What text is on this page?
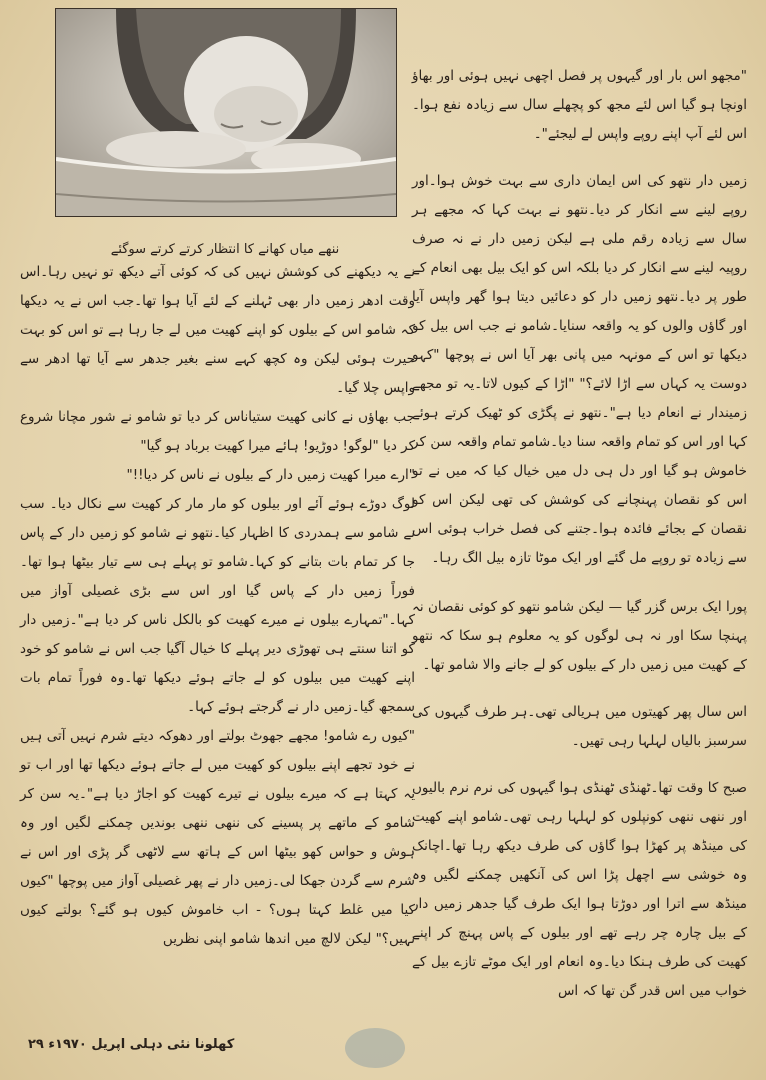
ننھے میاں کھانے کا انتظار کرتے کرتے سوگئے

نے یہ دیکھنے کی کوشش نہیں کی کہ کوئی آتے دیکھ تو نہیں رہا۔اس وقت ادھر زمیں دار بھی ٹہلنے کے لئے آیا ہوا تھا۔جب اس نے یہ دیکھا کہ شامو اس کے بیلوں کو اپنے کھیت میں لے جا رہا ہے تو اس کو بہت حیرت ہوئی لیکن وہ کچھ کہے سنے بغیر جدھر سے آیا تھا ادھر سے واپس چلا گیا۔

جب بھاؤں نے کانی کھیت ستیاناس کر دیا تو شامو نے شور مچانا شروع کر دیا "لوگو! دوڑیو! ہائے میرا کھیت برباد ہو گیا"

"ارے میرا کھیت زمیں دار کے بیلوں نے ناس کر دیا!!"

لوگ دوڑے ہوئے آئے اور بیلوں کو مار مار کر کھیت سے نکال دیا۔ سب نے شامو سے ہمدردی کا اظہار کیا۔نتھو نے شامو کو زمیں دار کے پاس جا کر تمام بات بتانے کو کہا۔شامو تو پہلے ہی سے تیار بیٹھا ہوا تھا۔فوراً زمیں دار کے پاس گیا اور اس سے بڑی غصیلی آواز میں کہا۔"تمہارے بیلوں نے میرے کھیت کو بالکل ناس کر دیا ہے"۔زمیں دار کو اتنا سنتے ہی تھوڑی دیر پہلے کا خیال آگیا جب اس نے شامو کو خود اپنے کھیت میں بیلوں کو لے جاتے ہوئے دیکھا تھا۔وہ فوراً تمام بات سمجھ گیا۔زمیں دار نے گرجتے ہوئے کہا۔

"کیوں رے شامو! مجھے جھوٹ بولتے اور دھوکہ دیتے شرم نہیں آتی ہیں نے خود تجھے اپنے بیلوں کو کھیت میں لے جاتے ہوئے دیکھا تھا اور اب تو یہ کہتا ہے کہ میرے بیلوں نے تیرے کھیت کو اجاڑ دیا ہے"۔یہ سن کر شامو کے ماتھے پر پسینے کی ننھی ننھی بوندیں چمکنے لگیں اور وہ ہوش و حواس کھو بیٹھا اس کے ہاتھ سے لاٹھی گر پڑی اور اس نے شرم سے گردن جھکا لی۔زمیں دار نے پھر غصیلی آواز میں پوچھا "کیوں کیا میں غلط کہتا ہوں؟ - اب خاموش کیوں ہو گئے؟ بولتے کیوں نہیں؟" لیکن لالچ میں اندھا شامو اپنی نظریں

"مجھو اس بار اور گیہوں پر فصل اچھی نہیں ہوئی اور بھاؤ اونچا ہو گیا اس لئے مجھ کو پچھلے سال سے زیادہ نفع ہوا۔اس لئے آپ اپنے روپے واپس لے لیجئے"۔

زمیں دار نتھو کی اس ایمان داری سے بہت خوش ہوا۔اور روپے لینے سے انکار کر دیا۔نتھو نے بہت کہا کہ مجھے ہر سال سے زیادہ رقم ملی ہے لیکن زمیں دار نے نہ صرف روپیہ لینے سے انکار کر دیا بلکہ اس کو ایک بیل بھی انعام کے طور پر دیا۔نتھو زمیں دار کو دعائیں دیتا ہوا گھر واپس آیا اور گاؤں والوں کو یہ واقعہ سنایا۔شامو نے جب اس بیل کو دیکھا تو اس کے مونہہ میں پانی بھر آیا اس نے پوچھا "کہو دوست یہ کہاں سے اڑا لائے؟" "اڑا کے کیوں لاتا۔یہ تو مجھے زمیندار نے انعام دیا ہے"۔نتھو نے پگڑی کو ٹھیک کرتے ہوئے کہا اور اس کو تمام واقعہ سنا دیا۔شامو تمام واقعہ سن کر خاموش ہو گیا اور دل ہی دل میں خیال کیا کہ میں نے تو اس کو نقصان پہنچانے کی کوشش کی تھی لیکن اس کو نقصان کے بجائے فائدہ ہوا۔جتنے کی فصل خراب ہوئی اس سے زیادہ تو روپے مل گئے اور ایک موٹا تازہ بیل الگ رہا۔

پورا ایک برس گزر گیا — لیکن شامو نتھو کو کوئی نقصان نہ پہنچا سکا اور نہ ہی لوگوں کو یہ معلوم ہو سکا کہ نتھو کے کھیت میں زمیں دار کے بیلوں کو لے جانے والا شامو تھا۔

اس سال پھر کھیتوں میں ہریالی تھی۔ہر طرف گیہوں کی سرسبز بالیاں لہلہا رہی تھیں۔

صبح کا وقت تھا۔ٹھنڈی ٹھنڈی ہوا گیہوں کی نرم نرم بالیوں اور ننھی ننھی کونپلوں کو لہلہا رہی تھی۔شامو اپنے کھیت کی مینڈھ پر کھڑا ہوا گاؤں کی طرف دیکھ رہا تھا۔اچانک وہ خوشی سے اچھل پڑا اس کی آنکھیں چمکنے لگیں وہ مینڈھ سے اترا اور دوڑتا ہوا ایک طرف گیا جدھر زمیں دار کے بیل چارہ چر رہے تھے اور بیلوں کے پاس پہنچ کر اپنے کھیت کی طرف ہنکا دیا۔وہ انعام اور ایک موٹے تازے بیل کے خواب میں اس قدر گن تھا کہ اس

کھلونا نئی دہلی اپریل ۱۹۷۰ء ۲۹
